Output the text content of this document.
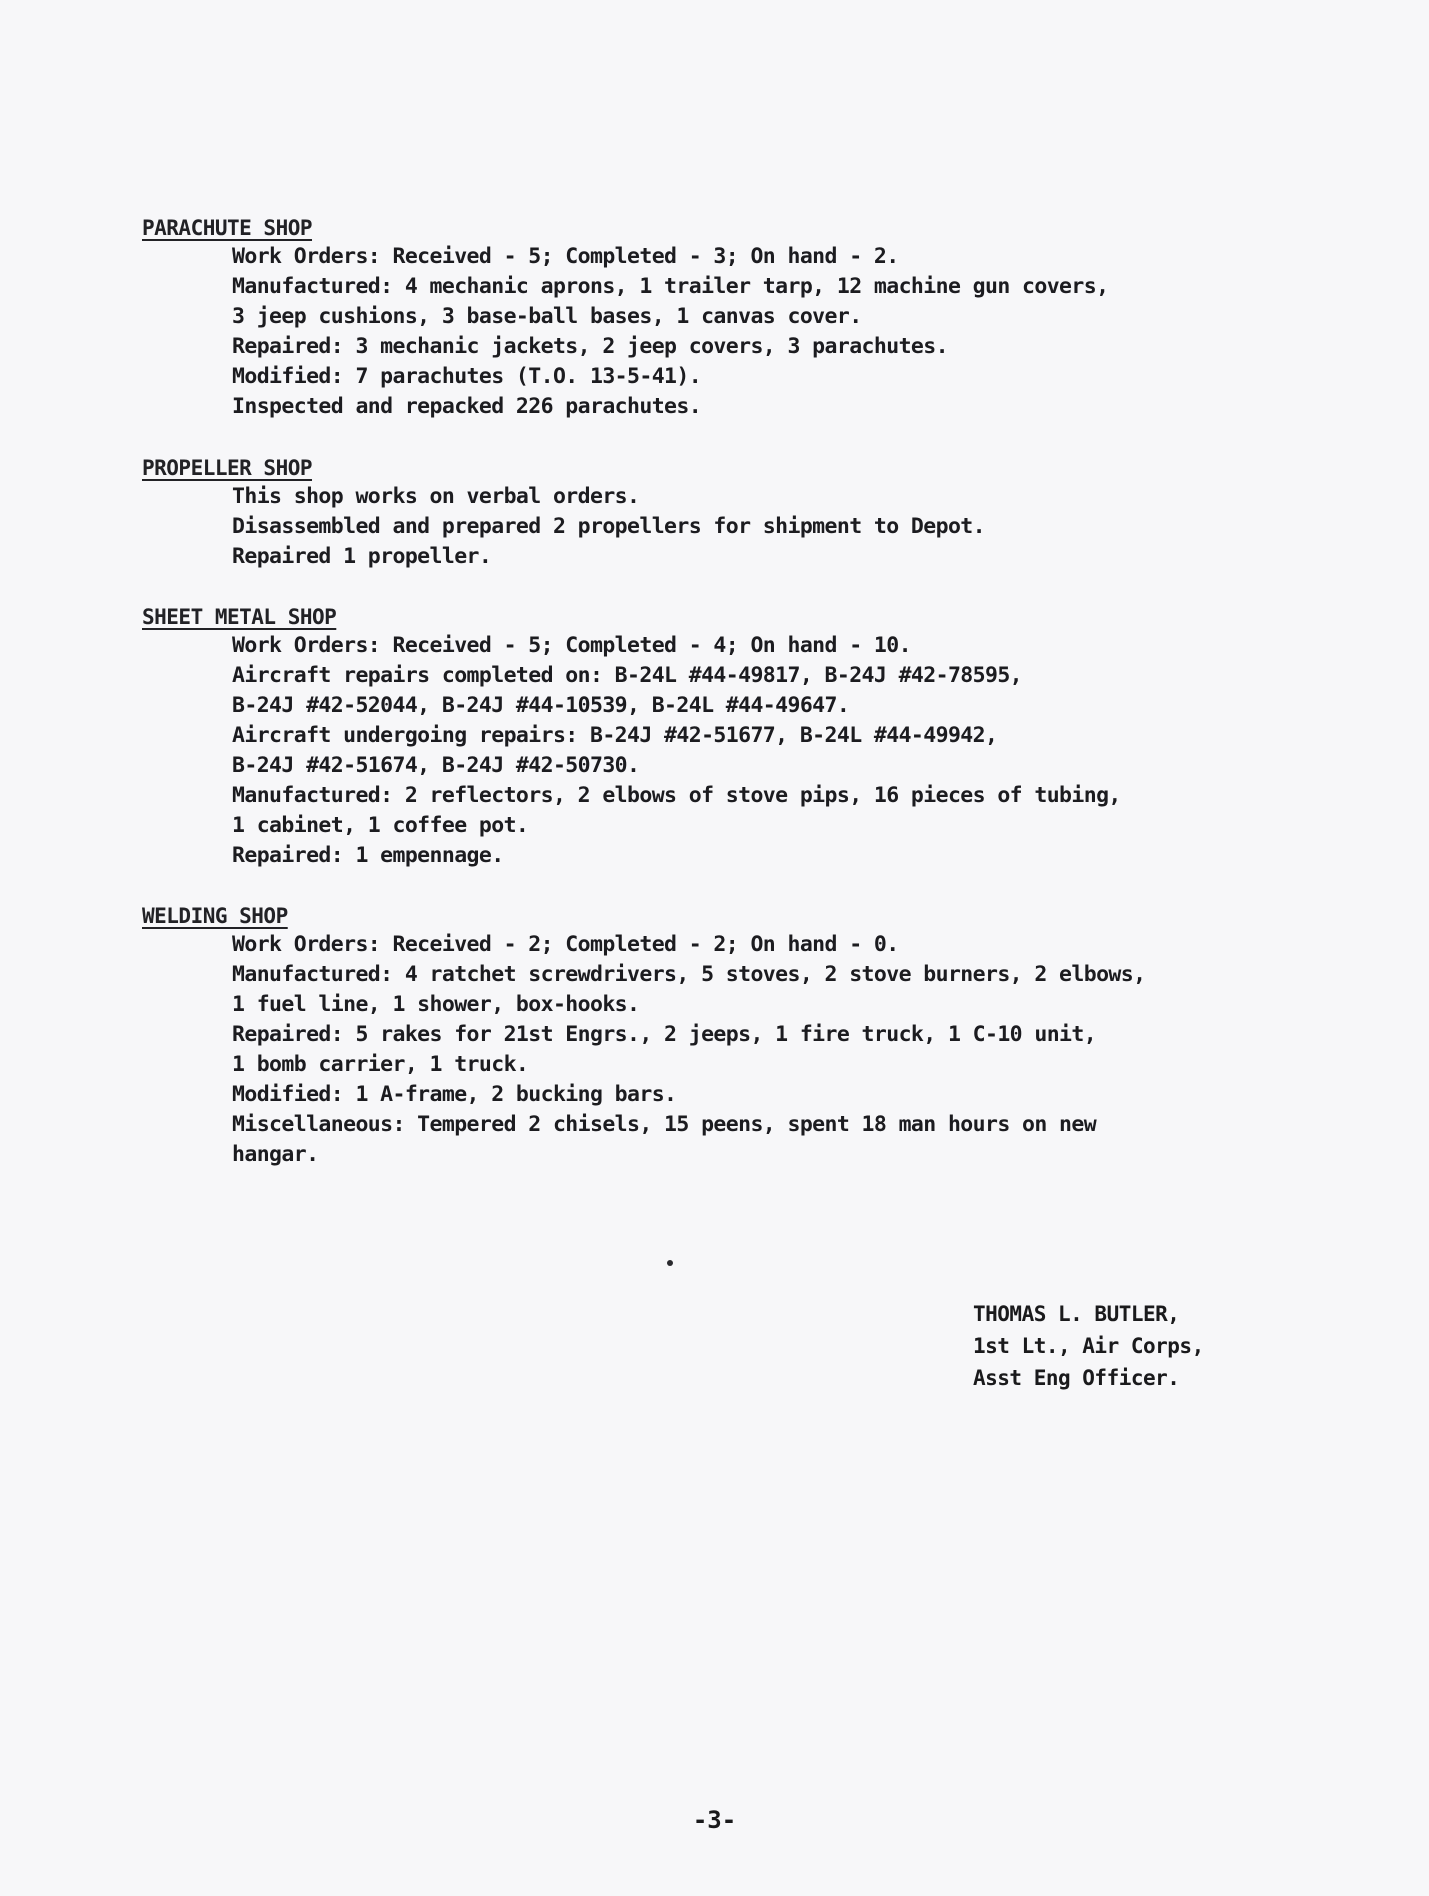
PARACHUTE SHOP
Work Orders: Received - 5; Completed - 3; On hand - 2.
Manufactured: 4 mechanic aprons, 1 trailer tarp, 12 machine gun covers,
3 jeep cushions, 3 base-ball bases, 1 canvas cover.
Repaired: 3 mechanic jackets, 2 jeep covers, 3 parachutes.
Modified: 7 parachutes (T.O. 13-5-41).
Inspected and repacked 226 parachutes.
PROPELLER SHOP
This shop works on verbal orders.
Disassembled and prepared 2 propellers for shipment to Depot.
Repaired 1 propeller.
SHEET METAL SHOP
Work Orders: Received - 5; Completed - 4; On hand - 10.
Aircraft repairs completed on: B-24L #44-49817, B-24J #42-78595,
B-24J #42-52044, B-24J #44-10539, B-24L #44-49647.
Aircraft undergoing repairs: B-24J #42-51677, B-24L #44-49942,
B-24J #42-51674, B-24J #42-50730.
Manufactured: 2 reflectors, 2 elbows of stove pips, 16 pieces of tubing,
1 cabinet, 1 coffee pot.
Repaired: 1 empennage.
WELDING SHOP
Work Orders: Received - 2; Completed - 2; On hand - 0.
Manufactured: 4 ratchet screwdrivers, 5 stoves, 2 stove burners, 2 elbows,
1 fuel line, 1 shower, box-hooks.
Repaired: 5 rakes for 21st Engrs., 2 jeeps, 1 fire truck, 1 C-10 unit,
1 bomb carrier, 1 truck.
Modified: 1 A-frame, 2 bucking bars.
Miscellaneous: Tempered 2 chisels, 15 peens, spent 18 man hours on new
hangar.
THOMAS L. BUTLER,
1st Lt., Air Corps,
Asst Eng Officer.
-3-
